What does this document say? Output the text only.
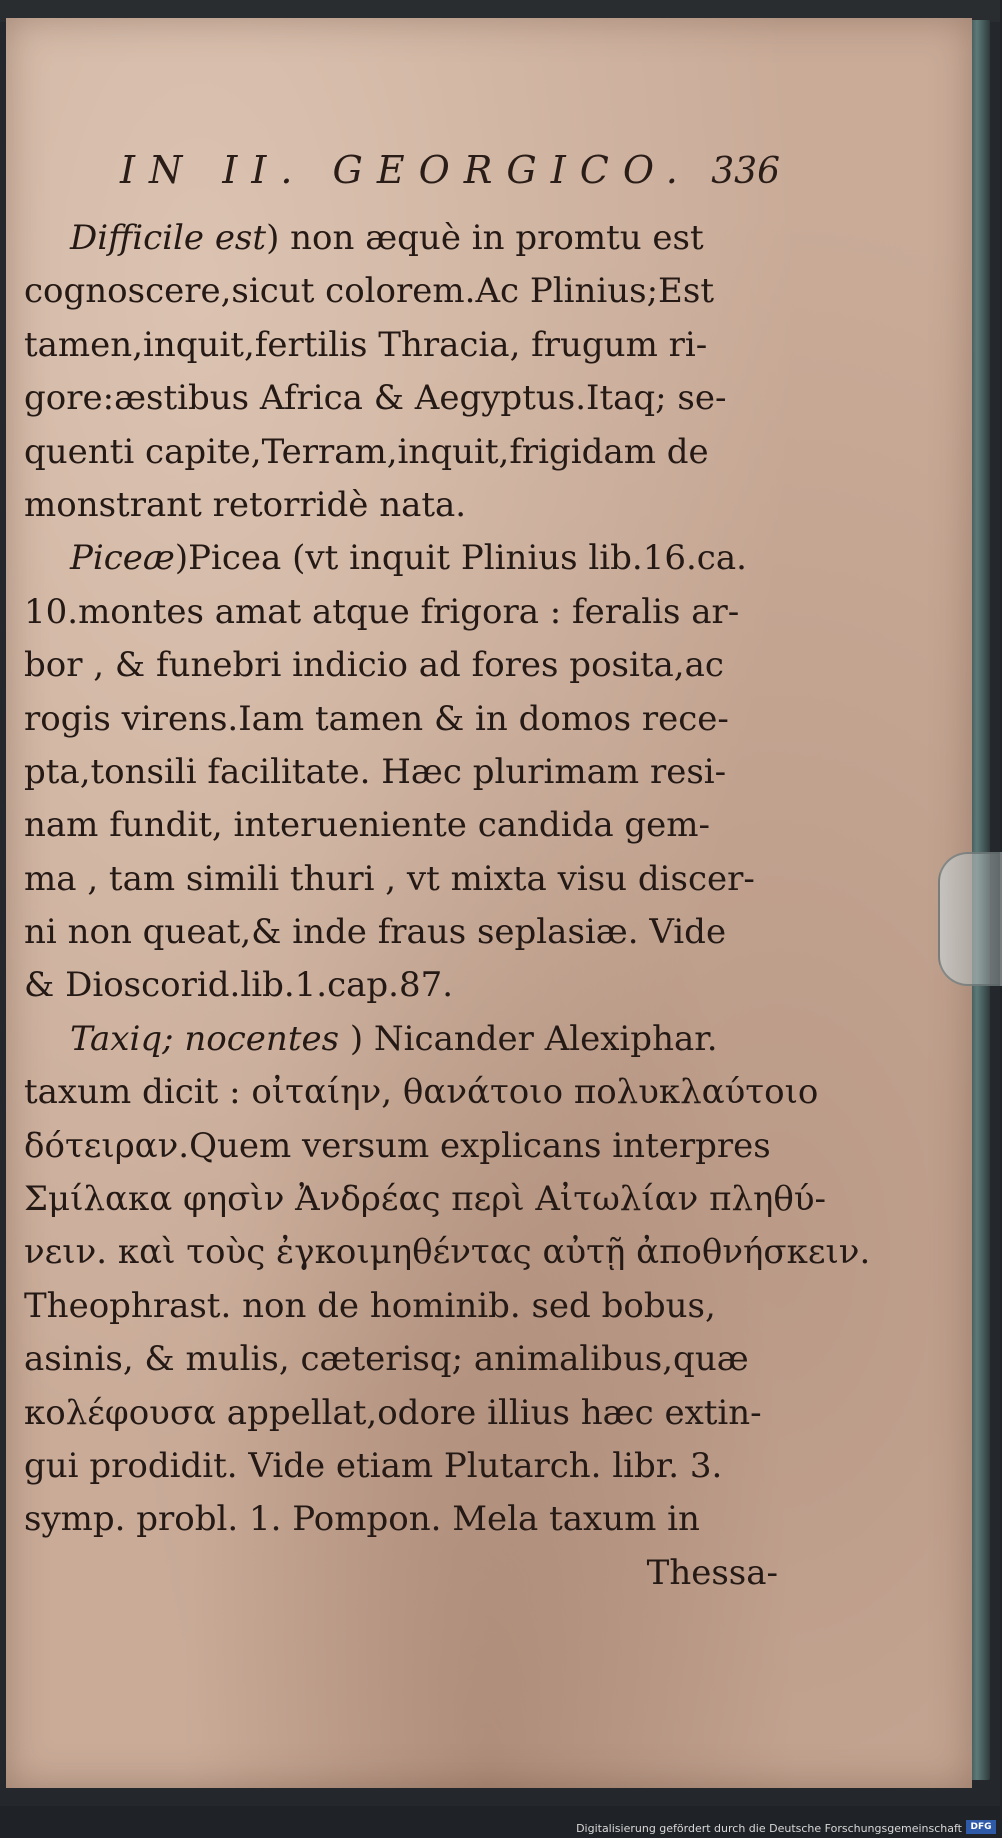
IN II. GEORGICO. 336
Difficile est) non æquè in promtu est
cognoscere,sicut colorem.Ac Plinius;Est
tamen,inquit,fertilis Thracia, frugum ri-
gore:æstibus Africa & Aegyptus.Itaq; se-
quenti capite,Terram,inquit,frigidam de
monstrant retorridè nata.
Piceæ)Picea (vt inquit Plinius lib.16.ca.
10.montes amat atque frigora : feralis ar-
bor , & funebri indicio ad fores posita,ac
rogis virens.Iam tamen & in domos rece-
pta,tonsili facilitate. Hæc plurimam resi-
nam fundit, interueniente candida gem-
ma , tam simili thuri , vt mixta visu discer-
ni non queat,& inde fraus seplasiæ. Vide
& Dioscorid.lib.1.cap.87.
Taxiq; nocentes ) Nicander Alexiphar.
taxum dicit : οἰταίην, θανάτοιο πολυκλαύτοιο
δότειραν.Quem versum explicans interpres
Σμίλακα φησὶν Ἀνδρέας περὶ Αἰτωλίαν πληθύ-
νειν. καὶ τοὺς ἐγκοιμηθέντας αὐτῇ ἀποθνήσκειν.
Theophrast. non de hominib. sed bobus,
asinis, & mulis, cæterisq; animalibus,quæ
κολέφουσα appellat,odore illius hæc extin-
gui prodidit. Vide etiam Plutarch. libr. 3.
symp. probl. 1. Pompon. Mela taxum in
Thessa-
Digitalisierung gefördert durch die Deutsche Forschungsgemeinschaft DFG
